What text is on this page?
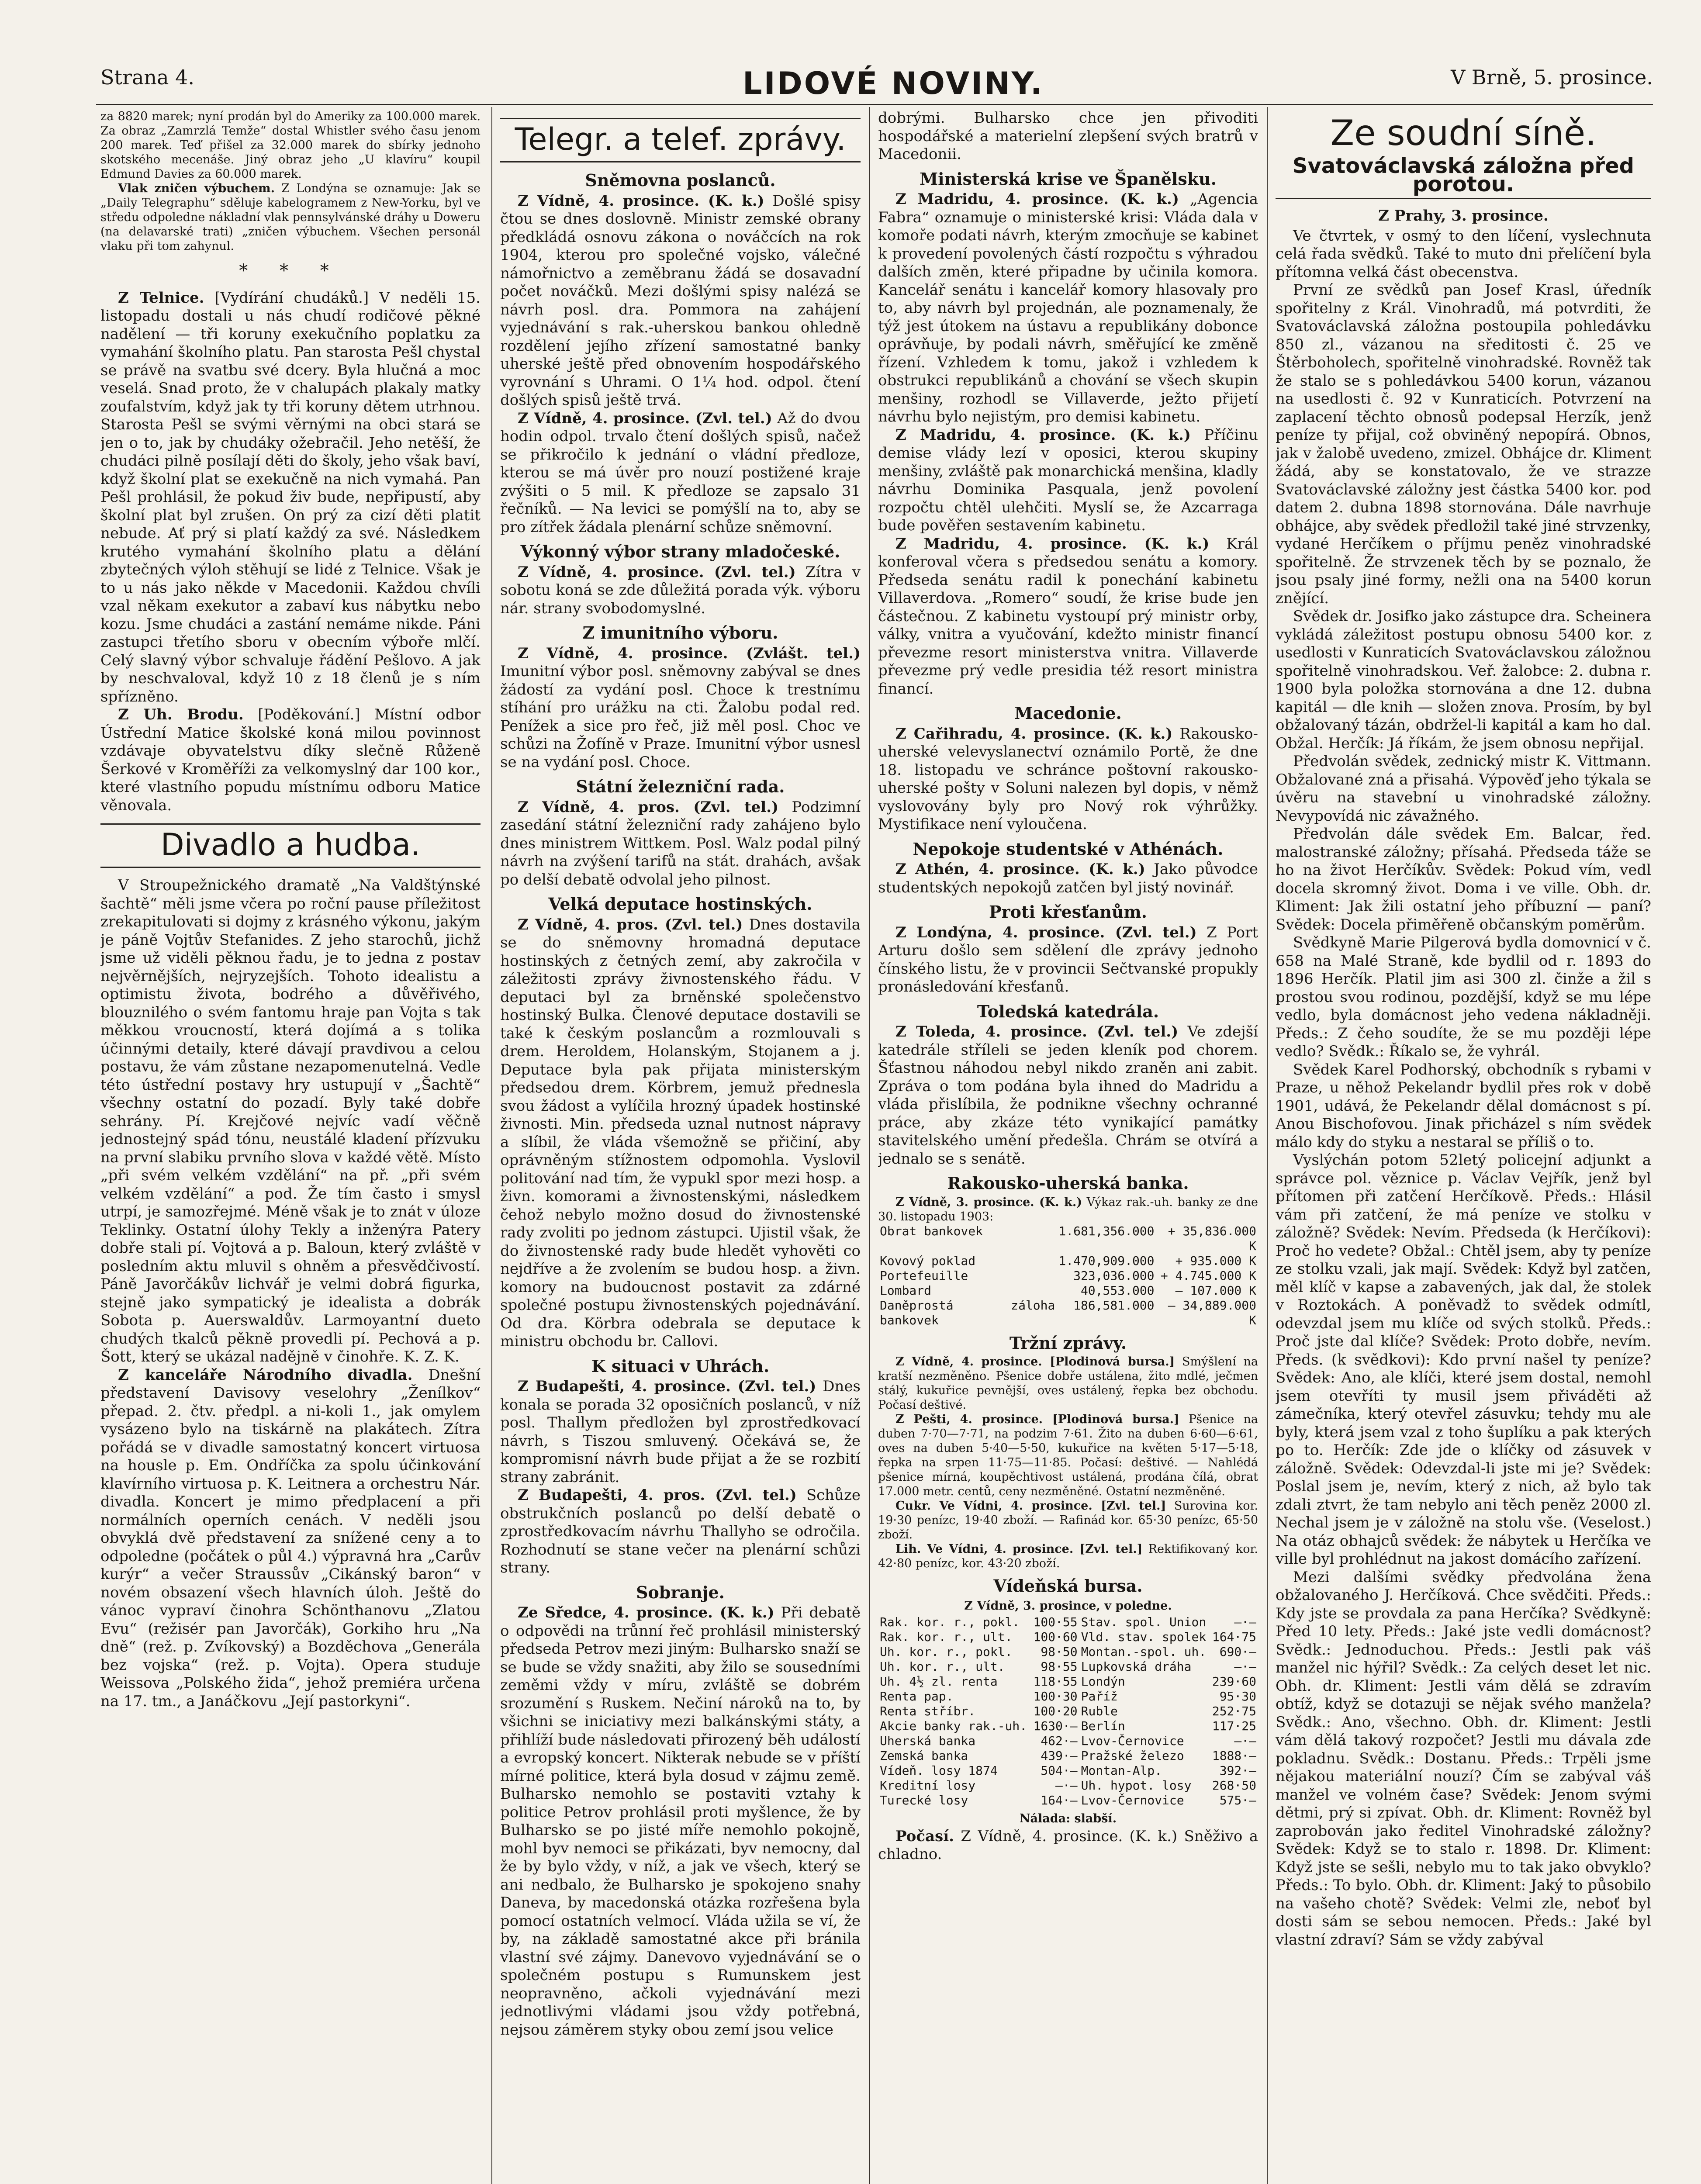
Strana 4.	LIDOVÉ NOVINY.	V Brně, 5. prosince.

za 8820 marek; nyní prodán byl do Ameriky za 100.000 marek. Za obraz „Zamrzlá Temže“ dostal Whistler svého času jenom 200 marek. Teď přišel za 32.000 marek do sbírky jednoho skotského mecenáše. Jiný obraz jeho „U klavíru“ koupil Edmund Davies za 60.000 marek.

Vlak zničen výbuchem. Z Londýna se oznamuje: Jak se „Daily Telegraphu“ sděluje kabelogramem z New-Yorku, byl ve středu odpoledne nákladní vlak pennsylvánské dráhy u Doweru (na delavarské trati) „zničen výbuchem. Všechen personál vlaku při tom zahynul.

* * *

Z Telnice. [Vydírání chudáků.] V neděli 15. listopadu dostali u nás chudí rodičové pěkné nadělení — tři koruny exekučního poplatku za vymahání školního platu. Pan starosta Pešl chystal se právě na svatbu své dcery. Byla hlučná a moc veselá. Snad proto, že v chalupách plakaly matky zoufalstvím, když jak ty tři koruny dětem utrhnou. Starosta Pešl se svými věrnými na obci stará se jen o to, jak by chudáky ožebračil. Jeho netěší, že chudáci pilně posílají děti do školy, jeho však baví, když školní plat se exekučně na nich vymahá. Pan Pešl prohlásil, že pokud živ bude, nepřipustí, aby školní plat byl zrušen. On prý za cizí děti platit nebude. Ať prý si platí každý za své. Následkem krutého vymahání školního platu a dělání zbytečných výloh stěhují se lidé z Telnice. Však je to u nás jako někde v Macedonii. Každou chvíli vzal někam exekutor a zabaví kus nábytku nebo kozu. Jsme chudáci a zastání nemáme nikde. Páni zastupci třetího sboru v obecním výboře mlčí. Celý slavný výbor schvaluje řádění Pešlovo. A jak by neschvaloval, když 10 z 18 členů je s ním spřízněno.

Z Uh. Brodu. [Poděkování.] Místní odbor Ústřední Matice školské koná milou povinnost vzdávaje obyvatelstvu díky slečně Růženě Šerkové v Kroměříži za velkomyslný dar 100 kor., které vlastního popudu místnímu odboru Matice věnovala.

Divadlo a hudba.

V Stroupežnického dramatě „Na Valdštýnské šachtě“ měli jsme včera po roční pause příležitost zrekapitulovati si dojmy z krásného výkonu, jakým je páně Vojtův Stefanides. Z jeho starochů, jichž jsme už viděli pěknou řadu, je to jedna z postav nejvěrnějších, nejryzejších. Tohoto idealistu a optimistu života, bodrého a důvěřivého, blouznilého o svém fantomu hraje pan Vojta s tak měkkou vroucností, která dojímá a s tolika účinnými detaily, které dávají pravdivou a celou postavu, že vám zůstane nezapomenutelná. Vedle této ústřední postavy hry ustupují v „Šachtě“ všechny ostatní do pozadí. Byly také dobře sehrány. Pí. Krejčové nejvíc vadí věčně jednostejný spád tónu, neustálé kladení přízvuku na první slabiku prvního slova v každé větě. Místo „při svém velkém vzdělání“ na př. „při svém velkém vzdělání“ a pod. Že tím často i smysl utrpí, je samozřejmé. Méně však je to znát v úloze Teklinky. Ostatní úlohy Tekly a inženýra Patery dobře stali pí. Vojtová a p. Baloun, který zvláště v posledním aktu mluvil s ohněm a přesvědčivostí. Páně Javorčákův lichvář je velmi dobrá figurka, stejně jako sympatický je idealista a dobrák Sobota p. Auerswaldův. Larmoyantní dueto chudých tkalců pěkně provedli pí. Pechová a p. Šott, který se ukázal nadějně v činohře. K. Z. K.

Z kanceláře Národního divadla. Dnešní představení Davisovy veselohry „Ženílkov“ přepad. 2. čtv. předpl. a ni-koli 1., jak omylem vysázeno bylo na tiskárně na plakátech. Zítra pořádá se v divadle samostatný koncert virtuosa na housle p. Em. Ondříčka za spolu účinkování klavírního virtuosa p. K. Leitnera a orchestru Nár. divadla. Koncert je mimo předplacení a při normálních operních cenách. V neděli jsou obvyklá dvě představení za snížené ceny a to odpoledne (počátek o půl 4.) výpravná hra „Carův kurýr“ a večer Straussův „Cikánský baron“ v novém obsazení všech hlavních úloh. Ještě do vánoc vypraví činohra Schönthanovu „Zlatou Evu“ (režisér pan Javorčák), Gorkiho hru „Na dně“ (rež. p. Zvíkovský) a Bozděchova „Generála bez vojska“ (rež. p. Vojta). Opera studuje Weissova „Polského žida“, jehož premiéra určena na 17. tm., a Janáčkovu „Její pastorkyni“.

Telegr. a telef. zprávy.

Sněmovna poslanců.

Z Vídně, 4. prosince. (K. k.) Došlé spisy čtou se dnes doslovně. Ministr zemské obrany předkládá osnovu zákona o nováčcích na rok 1904, kterou pro společné vojsko, válečné námořnictvo a zeměbranu žádá se dosavadní počet nováčků. Mezi došlými spisy nalézá se návrh posl. dra. Pommora na zahájení vyjednávání s rak.-uherskou bankou ohledně rozdělení jejího zřízení samostatné banky uherské ještě před obnovením hospodářského vyrovnání s Uhrami. O 1¼ hod. odpol. čtení došlých spisů ještě trvá.

Z Vídně, 4. prosince. (Zvl. tel.) Až do dvou hodin odpol. trvalo čtení došlých spisů, načež se přikročilo k jednání o vládní předloze, kterou se má úvěr pro nouzí postižené kraje zvýšiti o 5 mil. K předloze se zapsalo 31 řečníků. — Na levici se pomýšlí na to, aby se pro zítřek žádala plenární schůze sněmovní.

Výkonný výbor strany mladočeské.

Z Vídně, 4. prosince. (Zvl. tel.) Zítra v sobotu koná se zde důležitá porada výk. výboru nár. strany svobodomyslné.

Z imunitního výboru.

Z Vídně, 4. prosince. (Zvlášt. tel.) Imunitní výbor posl. sněmovny zabýval se dnes žádostí za vydání posl. Choce k trestnímu stíhání pro urážku na cti. Žalobu podal red. Penížek a sice pro řeč, již měl posl. Choc ve schůzi na Žofíně v Praze. Imunitní výbor usnesl se na vydání posl. Choce.

Státní železniční rada.

Z Vídně, 4. pros. (Zvl. tel.) Podzimní zasedání státní železniční rady zahájeno bylo dnes ministrem Wittkem. Posl. Walz podal pilný návrh na zvýšení tarifů na stát. drahách, avšak po delší debatě odvolal jeho pilnost.

Velká deputace hostinských.

Z Vídně, 4. pros. (Zvl. tel.) Dnes dostavila se do sněmovny hromadná deputace hostinských z četných zemí, aby zakročila v záležitosti zprávy živnostenského řádu. V deputaci byl za brněnské společenstvo hostinský Bulka. Členové deputace dostavili se také k českým poslancům a rozmlouvali s drem. Heroldem, Holanským, Stojanem a j. Deputace byla pak přijata ministerským předsedou drem. Körbrem, jemuž přednesla svou žádost a vylíčila hrozný úpadek hostinské živnosti. Min. předseda uznal nutnost nápravy a slíbil, že vláda všemožně se přičiní, aby oprávněným stížnostem odpomohla. Vyslovil politování nad tím, že vypukl spor mezi hosp. a živn. komorami a živnostenskými, následkem čehož nebylo možno dosud do živnostenské rady zvoliti po jednom zástupci. Ujistil však, že do živnostenské rady bude hledět vyhověti co nejdříve a že zvolením se budou hosp. a živn. komory na budoucnost postavit za zdárné společné postupu živnostenských pojednávání. Od dra. Körbra odebrala se deputace k ministru obchodu br. Callovi.

K situaci v Uhrách.

Z Budapešti, 4. prosince. (Zvl. tel.) Dnes konala se porada 32 oposičních poslanců, v níž posl. Thallym předložen byl zprostředkovací návrh, s Tiszou smluvený. Očekává se, že kompromisní návrh bude přijat a že se rozbití strany zabránit.

Z Budapešti, 4. pros. (Zvl. tel.) Schůze obstrukčních poslanců po delší debatě o zprostředkovacím návrhu Thallyho se odročila. Rozhodnutí se stane večer na plenární schůzi strany.

Sobranje.

Ze Sředce, 4. prosince. (K. k.) Při debatě o odpovědi na trůnní řeč prohlásil ministerský předseda Petrov mezi jiným: Bulharsko snaží se se bude se vždy snažiti, aby žilo se sousedními zeměmi vždy v míru, zvláště se dobrém srozumění s Ruskem. Nečiní nároků na to, by všichni se iniciativy mezi balkánskými státy, a přihlíží bude následovati přirozený běh událostí a evropský koncert. Nikterak nebude se v příští mírné politice, která byla dosud v zájmu země. Bulharsko nemohlo se postaviti vztahy k politice Petrov prohlásil proti myšlence, že by Bulharsko se po jisté míře nemohlo pokojně, mohl byv nemoci se přikázati, byv nemocny, dal že by bylo vždy, v níž, a jak ve všech, který se ani nedbalo, že Bulharsko je spokojeno snahy Daneva, by macedonská otázka rozřešena byla pomocí ostatních velmocí. Vláda užila se ví, že by, na základě samostatné akce při bránila vlastní své zájmy. Danevovo vyjednávání se o společném postupu s Rumunskem jest neopravněno, ačkoli vyjednávání mezi jednotlivými vládami jsou vždy potřebná, nejsou záměrem styky obou zemí jsou velice

dobrými. Bulharsko chce jen přivoditi hospodářské a materielní zlepšení svých bratrů v Macedonii.

Ministerská krise ve Španělsku.

Z Madridu, 4. prosince. (K. k.) „Agencia Fabra“ oznamuje o ministerské krisi: Vláda dala v komoře podati návrh, kterým zmocňuje se kabinet k provedení povolených částí rozpočtu s výhradou dalších změn, které připadne by učinila komora. Kancelář senátu i kancelář komory hlasovaly pro to, aby návrh byl projednán, ale poznamenaly, že týž jest útokem na ústavu a republikány dobonce oprávňuje, by podali návrh, směřující ke změně řízení. Vzhledem k tomu, jakož i vzhledem k obstrukci republikánů a chování se všech skupin menšiny, rozhodl se Villaverde, ježto přijetí návrhu bylo nejistým, pro demisi kabinetu.

Z Madridu, 4. prosince. (K. k.) Příčinu demise vlády lezí v oposici, kterou skupiny menšiny, zvláště pak monarchická menšina, kladly návrhu Dominika Pasquala, jenž povolení rozpočtu chtěl ulehčiti. Myslí se, že Azcarraga bude pověřen sestavením kabinetu.

Z Madridu, 4. prosince. (K. k.) Král konferoval včera s předsedou senátu a komory. Předseda senátu radil k ponechání kabinetu Villaverdova. „Romero“ soudí, že krise bude jen částečnou. Z kabinetu vystoupí prý ministr orby, války, vnitra a vyučování, kdežto ministr financí převezme resort ministerstva vnitra. Villaverde převezme prý vedle presidia též resort ministra financí.

Macedonie.

Z Cařihradu, 4. prosince. (K. k.) Rakousko-uherské velevyslanectví oznámilo Portě, že dne 18. listopadu ve schránce poštovní rakousko-uherské pošty v Soluni nalezen byl dopis, v němž vyslovovány byly pro Nový rok výhrůžky. Mystifikace není vyloučena.

Nepokoje studentské v Athénách.

Z Athén, 4. prosince. (K. k.) Jako původce studentských nepokojů zatčen byl jistý novinář.

Proti křesťanům.

Z Londýna, 4. prosince. (Zvl. tel.) Z Port Arturu došlo sem sdělení dle zprávy jednoho čínského listu, že v provincii Sečtvanské propukly pronásledování křesťanů.

Toledská katedrála.

Z Toleda, 4. prosince. (Zvl. tel.) Ve zdejší katedrále stříleli se jeden kleník pod chorem. Šťastnou náhodou nebyl nikdo zraněn ani zabit. Zpráva o tom podána byla ihned do Madridu a vláda přislíbila, že podnikne všechny ochranné práce, aby zkáze této vynikající památky stavitelského umění předešla. Chrám se otvírá a jednalo se s senátě.

Rakousko-uherská banka.

Z Vídně, 3. prosince. (K. k.) Výkaz rak.-uh. banky ze dne 30. listopadu 1903:

Obrat bankovek	1.681,356.000	+ 35,836.000 K
Kovový poklad	1.470,909.000	+ 935.000 K
Portefeuille	323,036.000	+ 4.745.000 K
Lombard	40,553.000	— 107.000 K
Daněprostá záloha bankovek	186,581.000	— 34,889.000 K

Tržní zprávy.

Z Vídně, 4. prosince. [Plodinová bursa.] Smýšlení na kratší nezměněno. Pšenice dobře ustálena, žito mdlé, ječmen stálý, kukuřice pevnější, oves ustálený, řepka bez obchodu. Počasí deštivé.

Z Pešti, 4. prosince. [Plodinová bursa.] Pšenice na duben 7·70—7·71, na podzim 7·61. Žito na duben 6·60—6·61, oves na duben 5·40—5·50, kukuřice na květen 5·17—5·18, řepka na srpen 11·75—11·85. Počasí: deštivé. — Nahlédá pšenice mírná, koupěchtivost ustálená, prodána čílá, obrat 17.000 metr. centů, ceny nezměněné. Ostatní nezměněné.

Cukr. Ve Vídni, 4. prosince. [Zvl. tel.] Surovina kor. 19·30 penízc, 19·40 zboží. — Rafinád kor. 65·30 penízc, 65·50 zboží.

Lih. Ve Vídni, 4. prosince. [Zvl. tel.] Rektifikovaný kor. 42·80 penízc, kor. 43·20 zboží.

Vídeňská bursa.

Z Vídně, 3. prosince, v poledne.

Rak. kor. r., pokl.	100·55	Stav. spol. Union	—·—
Rak. kor. r., ult.	100·60	Vld. stav. spolek	164·75
Uh. kor. r., pokl.	98·50	Montan.-spol. uh.	690·—
Uh. kor. r., ult.	98·55	Lupkovská dráha	—·—
Uh. 4½ zl. renta	118·55	Londýn	239·60
Renta pap.	100·30	Paříž	95·30
Renta stříbr.	100·20	Ruble	252·75
Akcie banky rak.-uh.	1630·—	Berlín	117·25
Uherská banka	462·—	Lvov-Černovice	—·—
Zemská banka	439·—	Pražské železo	1888·—
Vídeň. losy 1874	504·—	Montan-Alp.	392·—
Kreditní losy	—·—	Uh. hypot. losy	268·50
Turecké losy	164·—	Lvov-Černovice	575·—

Nálada: slabší.

Počasí. Z Vídně, 4. prosince. (K. k.) Sněživo a chladno.

Ze soudní síně.

Svatováclavská záložna před porotou.

Z Prahy, 3. prosince.

Ve čtvrtek, v osmý to den líčení, vyslechnuta celá řada svědků. Také to muto dni přelíčení byla přítomna velká část obecenstva.

První ze svědků pan Josef Krasl, úředník spořitelny z Král. Vinohradů, má potvrditi, že Svatováclavská záložna postoupila pohledávku 850 zl., vázanou na sředitosti č. 25 ve Štěrboholech, spořitelně vinohradské. Rovněž tak že stalo se s pohledávkou 5400 korun, vázanou na usedlosti č. 92 v Kunraticích. Potvrzení na zaplacení těchto obnosů podepsal Herzík, jenž peníze ty přijal, což obviněný nepopírá. Obnos, jak v žalobě uvedeno, zmizel. Obhájce dr. Kliment žádá, aby se konstatovalo, že ve strazze Svatováclavské záložny jest částka 5400 kor. pod datem 2. dubna 1898 stornována. Dále navrhuje obhájce, aby svědek předložil také jiné strvzenky, vydané Herčíkem o příjmu peněz vinohradské spořitelně. Že strvzenek těch by se poznalo, že jsou psaly jiné formy, nežli ona na 5400 korun znějící.

Svědek dr. Josifko jako zástupce dra. Scheinera vykládá záležitost postupu obnosu 5400 kor. z usedlosti v Kunraticích Svatováclavskou záložnou spořitelně vinohradskou. Veř. žalobce: 2. dubna r. 1900 byla položka stornována a dne 12. dubna kapitál — dle knih — složen znova. Prosím, by byl obžalovaný tázán, obdržel-li kapitál a kam ho dal. Obžal. Herčík: Já říkám, že jsem obnosu nepřijal.

Předvolán svědek, zednický mistr K. Vittmann. Obžalované zná a přisahá. Výpověď jeho týkala se úvěru na stavební u vinohradské záložny. Nevypovídá nic závažného.

Předvolán dále svědek Em. Balcar, řed. malostranské záložny; přísahá. Předseda táže se ho na život Herčíkův. Svědek: Pokud vím, vedl docela skromný život. Doma i ve ville. Obh. dr. Kliment: Jak žili ostatní jeho příbuzní — paní? Svědek: Docela přiměřeně občanským poměrům.

Svědkyně Marie Pilgerová bydla domovnicí v č. 658 na Malé Straně, kde bydlil od r. 1893 do 1896 Herčík. Platil jim asi 300 zl. činže a žil s prostou svou rodinou, pozdější, když se mu lépe vedlo, byla domácnost jeho vedena nákladněji. Předs.: Z čeho soudíte, že se mu později lépe vedlo? Svědk.: Říkalo se, že vyhrál.

Svědek Karel Podhorský, obchodník s rybami v Praze, u něhož Pekelandr bydlil přes rok v době 1901, udává, že Pekelandr dělal domácnost s pí. Anou Bischofovou. Jinak přicházel s ním svědek málo kdy do styku a nestaral se příliš o to.

Vyslýchán potom 52letý policejní adjunkt a správce pol. věznice p. Václav Vejřík, jenž byl přítomen při zatčení Herčíkově. Předs.: Hlásil vám při zatčení, že má peníze ve stolku v záložně? Svědek: Nevím. Předseda (k Herčíkovi): Proč ho vedete? Obžal.: Chtěl jsem, aby ty peníze ze stolku vzali, jak mají. Svědek: Když byl zatčen, měl klíč v kapse a zabavených, jak dal, že stolek v Roztokách. A poněvadž to svědek odmítl, odevzdal jsem mu klíče od svých stolků. Předs.: Proč jste dal klíče? Svědek: Proto dobře, nevím. Předs. (k svědkovi): Kdo první našel ty peníze? Svědek: Ano, ale klíči, které jsem dostal, nemohl jsem otevříti ty musil jsem přiváděti až zámečníka, který otevřel zásuvku; tehdy mu ale byly, která jsem vzal z toho šuplíku a pak kterých po to. Herčík: Zde jde o klíčky od zásuvek v záložně. Svědek: Odevzdal-li jste mi je? Svědek: Poslal jsem je, nevím, který z nich, až bylo tak zdali ztvrt, že tam nebylo ani těch peněz 2000 zl. Nechal jsem je v záložně na stolu vše. (Veselost.) Na otáz obhajců svědek: že nábytek u Herčíka ve ville byl prohlédnut na jakost domácího zařízení.

Mezi dalšími svědky předvolána žena obžalovaného J. Herčíková. Chce svědčiti. Předs.: Kdy jste se provdala za pana Herčíka? Svědkyně: Před 10 lety. Předs.: Jaké jste vedli domácnost? Svědk.: Jednoduchou. Předs.: Jestli pak váš manžel nic hýřil? Svědk.: Za celých deset let nic. Obh. dr. Kliment: Jestli vám dělá se zdravím obtíž, když se dotazuji se nějak svého manžela? Svědk.: Ano, všechno. Obh. dr. Kliment: Jestli vám dělá takový rozpočet? Jestli mu dávala zde pokladnu. Svědk.: Dostanu. Předs.: Trpěli jsme nějakou materiální nouzí? Čím se zabýval váš manžel ve volném čase? Svědek: Jenom svými dětmi, prý si zpívat. Obh. dr. Kliment: Rovněž byl zaprobován jako ředitel Vinohradské záložny? Svědek: Když se to stalo r. 1898. Dr. Kliment: Když jste se sešli, nebylo mu to tak jako obvyklo? Předs.: To bylo. Obh. dr. Kliment: Jaký to působilo na vašeho chotě? Svědek: Velmi zle, neboť byl dosti sám se sebou nemocen. Předs.: Jaké byl vlastní zdraví? Sám se vždy zabýval
